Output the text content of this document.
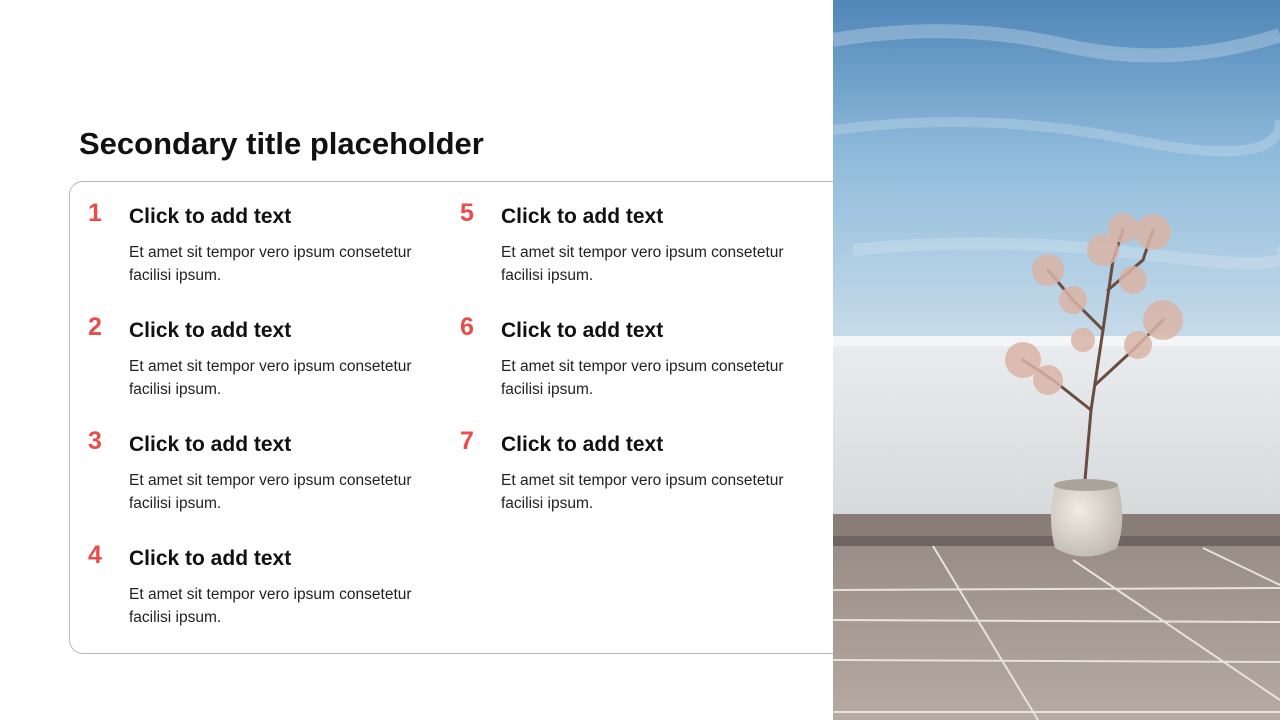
Secondary title placeholder
1 Click to add text
Et amet sit tempor vero ipsum consetetur facilisi ipsum.
2 Click to add text
Et amet sit tempor vero ipsum consetetur facilisi ipsum.
3 Click to add text
Et amet sit tempor vero ipsum consetetur facilisi ipsum.
4 Click to add text
Et amet sit tempor vero ipsum consetetur facilisi ipsum.
5 Click to add text
Et amet sit tempor vero ipsum consetetur facilisi ipsum.
6 Click to add text
Et amet sit tempor vero ipsum consetetur facilisi ipsum.
7 Click to add text
Et amet sit tempor vero ipsum consetetur facilisi ipsum.
